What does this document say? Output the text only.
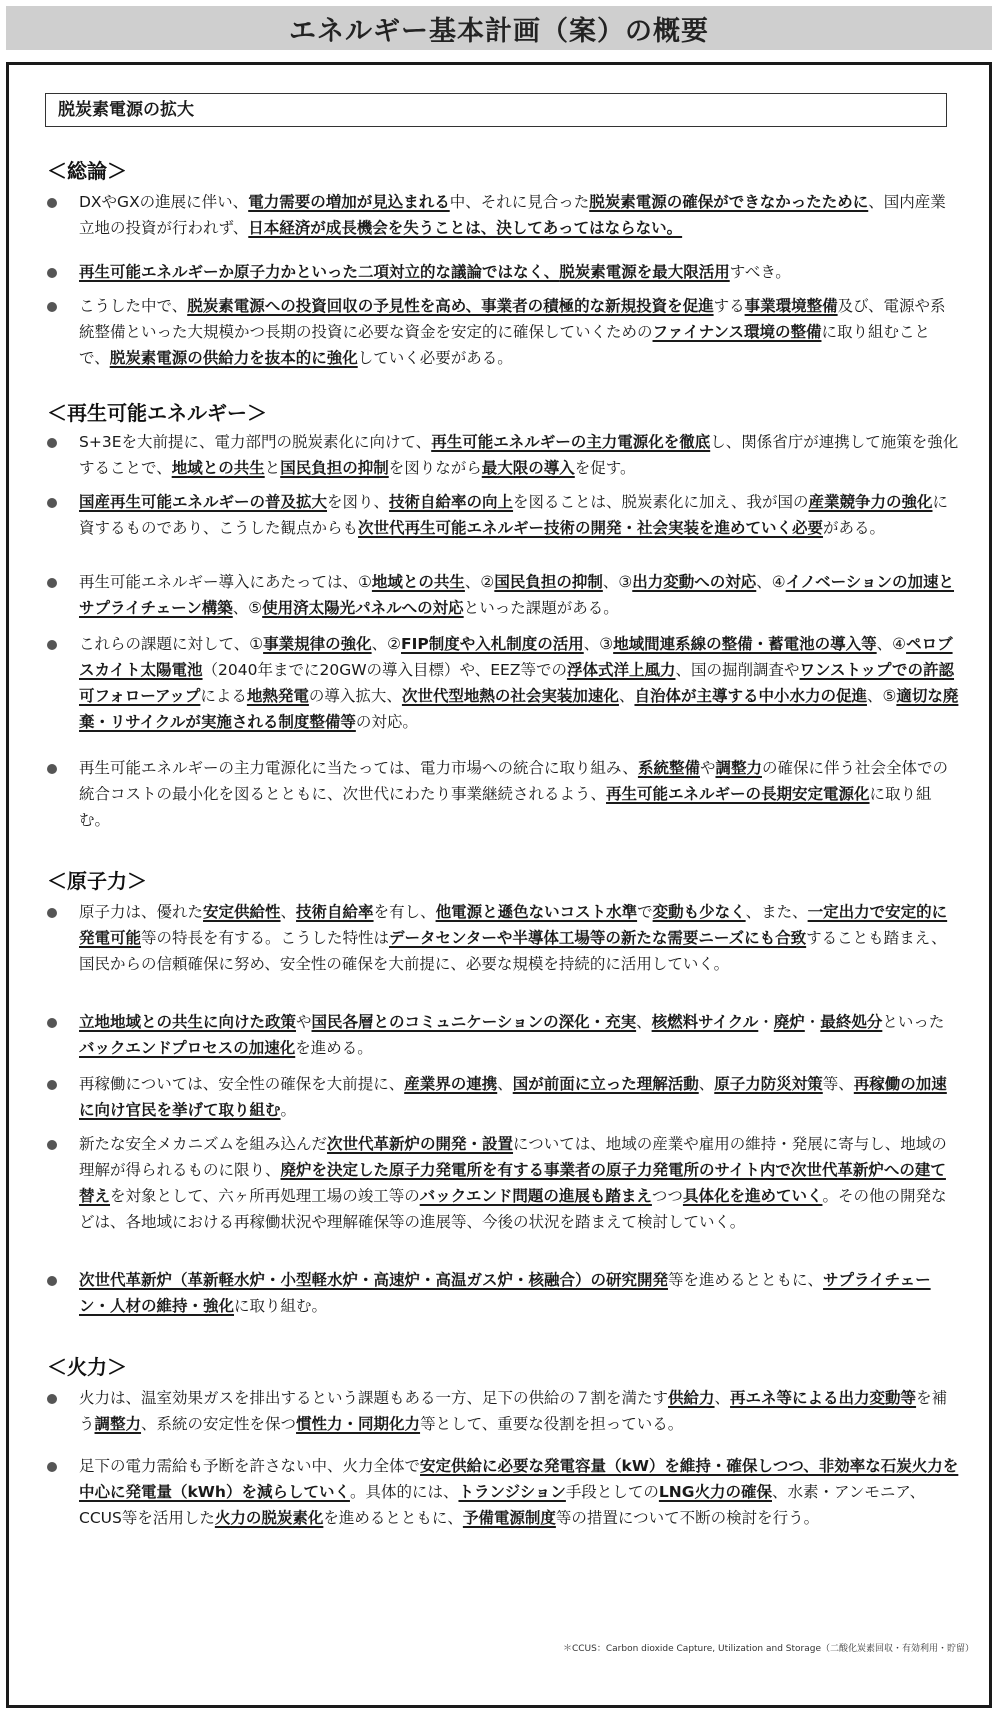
エネルギー基本計画（案）の概要
脱炭素電源の拡大
＜総論＞
DXやGXの進展に伴い、電力需要の増加が見込まれる中、それに見合った脱炭素電源の確保ができなかったために、国内産業立地の投資が行われず、日本経済が成長機会を失うことは、決してあってはならない。
再生可能エネルギーか原子力かといった二項対立的な議論ではなく、脱炭素電源を最大限活用すべき。
こうした中で、脱炭素電源への投資回収の予見性を高め、事業者の積極的な新規投資を促進する事業環境整備及び、電源や系統整備といった大規模かつ長期の投資に必要な資金を安定的に確保していくためのファイナンス環境の整備に取り組むことで、脱炭素電源の供給力を抜本的に強化していく必要がある。
＜再生可能エネルギー＞
S+3Eを大前提に、電力部門の脱炭素化に向けて、再生可能エネルギーの主力電源化を徹底し、関係省庁が連携して施策を強化することで、地域との共生と国民負担の抑制を図りながら最大限の導入を促す。
国産再生可能エネルギーの普及拡大を図り、技術自給率の向上を図ることは、脱炭素化に加え、我が国の産業競争力の強化に資するものであり、こうした観点からも次世代再生可能エネルギー技術の開発・社会実装を進めていく必要がある。
再生可能エネルギー導入にあたっては、①地域との共生、②国民負担の抑制、③出力変動への対応、④イノベーションの加速とサプライチェーン構築、⑤使用済太陽光パネルへの対応といった課題がある。
これらの課題に対して、①事業規律の強化、②FIP制度や入札制度の活用、③地域間連系線の整備・蓄電池の導入等、④ペロブスカイト太陽電池（2040年までに20GWの導入目標）や、EEZ等での浮体式洋上風力、国の掘削調査やワンストップでの許認可フォローアップによる地熱発電の導入拡大、次世代型地熱の社会実装加速化、自治体が主導する中小水力の促進、⑤適切な廃棄・リサイクルが実施される制度整備等の対応。
再生可能エネルギーの主力電源化に当たっては、電力市場への統合に取り組み、系統整備や調整力の確保に伴う社会全体での統合コストの最小化を図るとともに、次世代にわたり事業継続されるよう、再生可能エネルギーの長期安定電源化に取り組む。
＜原子力＞
原子力は、優れた安定供給性、技術自給率を有し、他電源と遜色ないコスト水準で変動も少なく、また、一定出力で安定的に発電可能等の特長を有する。こうした特性はデータセンターや半導体工場等の新たな需要ニーズにも合致することも踏まえ、国民からの信頼確保に努め、安全性の確保を大前提に、必要な規模を持続的に活用していく。
立地地域との共生に向けた政策や国民各層とのコミュニケーションの深化・充実、核燃料サイクル・廃炉・最終処分といったバックエンドプロセスの加速化を進める。
再稼働については、安全性の確保を大前提に、産業界の連携、国が前面に立った理解活動、原子力防災対策等、再稼働の加速に向け官民を挙げて取り組む。
新たな安全メカニズムを組み込んだ次世代革新炉の開発・設置については、地域の産業や雇用の維持・発展に寄与し、地域の理解が得られるものに限り、廃炉を決定した原子力発電所を有する事業者の原子力発電所のサイト内で次世代革新炉への建て替えを対象として、六ヶ所再処理工場の竣工等のバックエンド問題の進展も踏まえつつ具体化を進めていく。その他の開発などは、各地域における再稼働状況や理解確保等の進展等、今後の状況を踏まえて検討していく。
次世代革新炉（革新軽水炉・小型軽水炉・高速炉・高温ガス炉・核融合）の研究開発等を進めるとともに、サプライチェーン・人材の維持・強化に取り組む。
＜火力＞
火力は、温室効果ガスを排出するという課題もある一方、足下の供給の７割を満たす供給力、再エネ等による出力変動等を補う調整力、系統の安定性を保つ慣性力・同期化力等として、重要な役割を担っている。
足下の電力需給も予断を許さない中、火力全体で安定供給に必要な発電容量（kW）を維持・確保しつつ、非効率な石炭火力を中心に発電量（kWh）を減らしていく。具体的には、トランジション手段としてのLNG火力の確保、水素・アンモニア、CCUS等を活用した火力の脱炭素化を進めるとともに、予備電源制度等の措置について不断の検討を行う。
＊CCUS：Carbon dioxide Capture, Utilization and Storage（二酸化炭素回収・有効利用・貯留）
